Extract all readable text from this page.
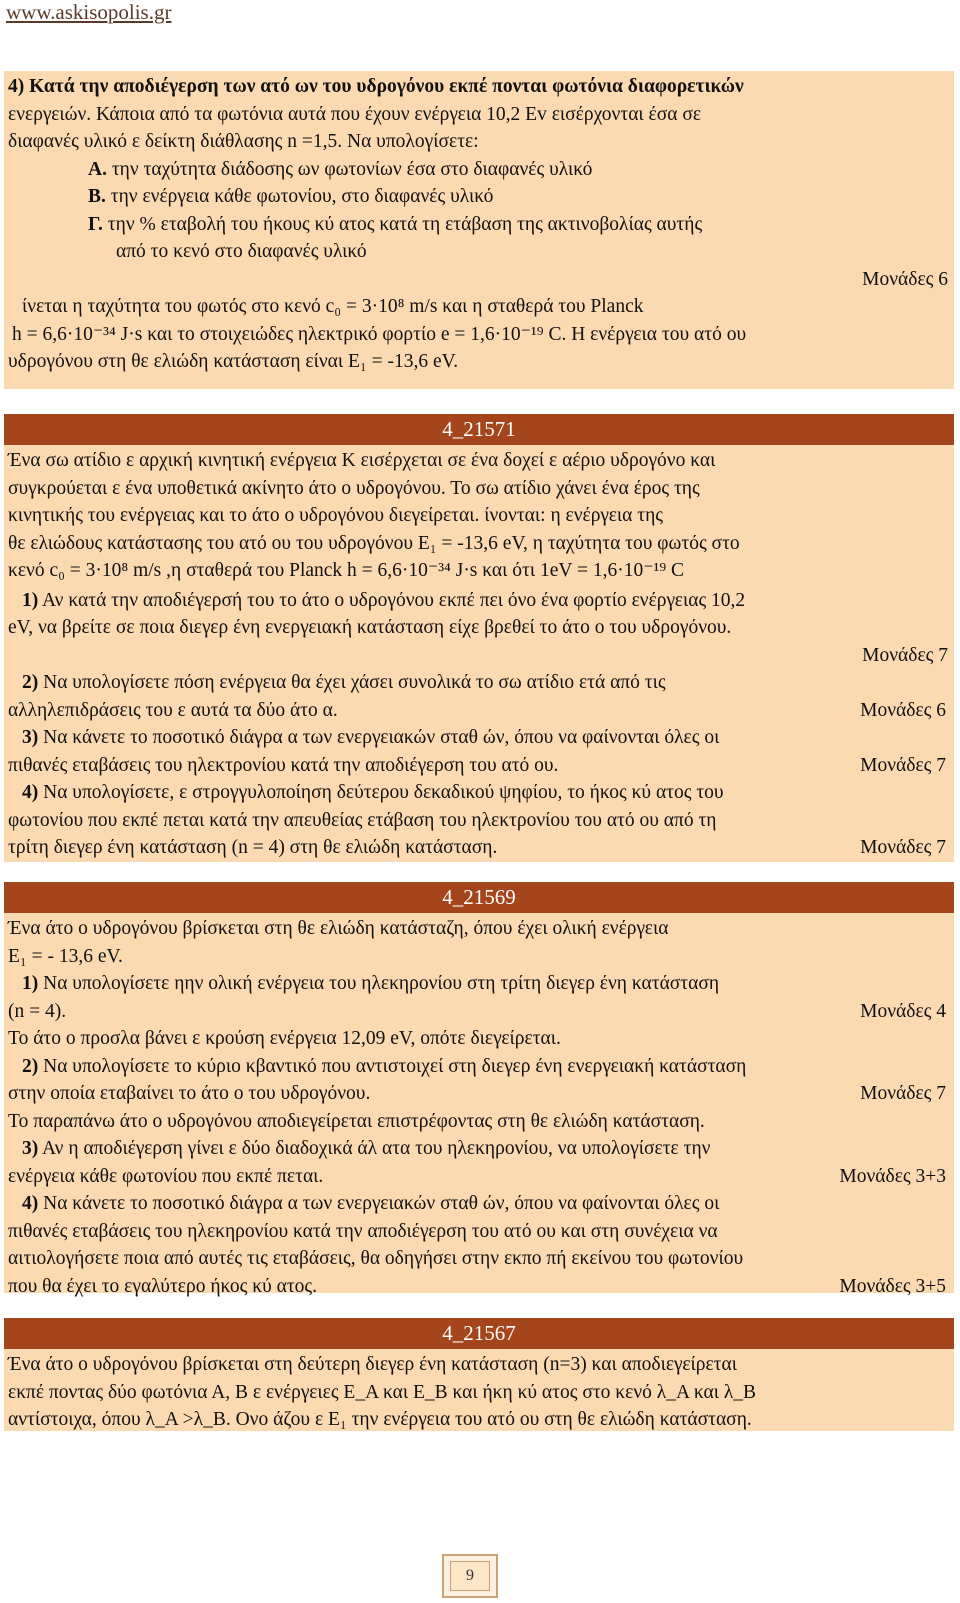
www.askisopolis.gr
4) Κατά την αποδιέγερση των ατό ων του υδρογόνου εκπέ πονται φωτόνια διαφορετικών
ενεργειών. Κάποια από τα φωτόνια αυτά που έχουν ενέργεια 10,2 Ev εισέρχονται έσα σε
διαφανές υλικό ε δείκτη διάθλασης n =1,5. Να υπολογίσετε:
Α. την ταχύτητα διάδοσης ων φωτονίων έσα στο διαφανές υλικό
Β. την ενέργεια κάθε φωτονίου, στο διαφανές υλικό
Γ. την % εταβολή του ήκους κύ ατος κατά τη ετάβαση της ακτινοβολίας αυτής
από το κενό στο διαφανές υλικό
Μονάδες 6
ίνεται η ταχύτητα του φωτός στο κενό c₀ = 3·10⁸ m/s και η σταθερά του Planck
h = 6,6·10⁻³⁴ J·s και το στοιχειώδες ηλεκτρικό φορτίο e = 1,6·10⁻¹⁹ C. Η ενέργεια του ατό ου
υδρογόνου στη θε ελιώδη κατάσταση είναι E₁ = -13,6 eV.
4_21571
Ένα σω ατίδιο ε αρχική κινητική ενέργεια K εισέρχεται σε ένα δοχεί ε αέριο υδρογόνο και
συγκρούεται ε ένα υποθετικά ακίνητο άτο ο υδρογόνου. Το σω ατίδιο χάνει ένα έρος της
κινητικής του ενέργειας και το άτο ο υδρογόνου διεγείρεται. ίνονται: η ενέργεια της
θε ελιώδους κατάστασης του ατό ου του υδρογόνου E₁ = -13,6 eV, η ταχύτητα του φωτός στο
κενό c₀ = 3·10⁸ m/s ,η σταθερά του Planck h = 6,6·10⁻³⁴ J·s και ότι 1eV = 1,6·10⁻¹⁹ C
1) Αν κατά την αποδιέγερσή του το άτο ο υδρογόνου εκπέ πει όνο ένα φορτίο ενέργειας 10,2
eV, να βρείτε σε ποια διεγερ ένη ενεργειακή κατάσταση είχε βρεθεί το άτο ο του υδρογόνου.
Μονάδες 7
2) Να υπολογίσετε πόση ενέργεια θα έχει χάσει συνολικά το σω ατίδιο ετά από τις
αλληλεπιδράσεις του ε αυτά τα δύο άτο α.	Μονάδες 6
3) Να κάνετε το ποσοτικό διάγρα α των ενεργειακών σταθ ών, όπου να φαίνονται όλες οι
πιθανές εταβάσεις του ηλεκτρονίου κατά την αποδιέγερση του ατό ου.	Μονάδες 7
4) Να υπολογίσετε, ε στρογγυλοποίηση δεύτερου δεκαδικού ψηφίου, το ήκος κύ ατος του
φωτονίου που εκπέ πεται κατά την απευθείας ετάβαση του ηλεκτρονίου του ατό ου από τη
τρίτη διεγερ ένη κατάσταση (n = 4) στη θε ελιώδη κατάσταση.	Μονάδες 7
4_21569
Ένα άτο ο υδρογόνου βρίσκεται στη θε ελιώδη κατάσταζη, όπου έχει ολική ενέργεια
E₁ = - 13,6 eV.
1) Να υπολογίσετε ηην ολική ενέργεια του ηλεκηρονίου στη τρίτη διεγερ ένη κατάσταση
(n = 4).	Μονάδες 4
Το άτο ο προσλα βάνει ε κρούση ενέργεια 12,09 eV, οπότε διεγείρεται.
2) Να υπολογίσετε το κύριο κβαντικό που αντιστοιχεί στη διεγερ ένη ενεργειακή κατάσταση
στην οποία εταβαίνει το άτο ο του υδρογόνου.	Μονάδες 7
Το παραπάνω άτο ο υδρογόνου αποδιεγείρεται επιστρέφοντας στη θε ελιώδη κατάσταση.
3) Αν η αποδιέγερση γίνει ε δύο διαδοχικά άλ ατα του ηλεκηρονίου, να υπολογίσετε την
ενέργεια κάθε φωτονίου που εκπέ πεται.	Μονάδες 3+3
4) Να κάνετε το ποσοτικό διάγρα α των ενεργειακών σταθ ών, όπου να φαίνονται όλες οι
πιθανές εταβάσεις του ηλεκηρονίου κατά την αποδιέγερση του ατό ου και στη συνέχεια να
αιτιολογήσετε ποια από αυτές τις εταβάσεις, θα οδηγήσει στην εκπο πή εκείνου του φωτονίου
που θα έχει το εγαλύτερο ήκος κύ ατος.	Μονάδες 3+5
4_21567
Ένα άτο ο υδρογόνου βρίσκεται στη δεύτερη διεγερ ένη κατάσταση (n=3) και αποδιεγείρεται
εκπέ ποντας δύο φωτόνια Α, Β ε ενέργειες E_A και E_B και ήκη κύ ατος στο κενό λ_A και λ_B
αντίστοιχα, όπου λ_A >λ_B. Ονο άζου ε E₁ την ενέργεια του ατό ου στη θε ελιώδη κατάσταση.
9
